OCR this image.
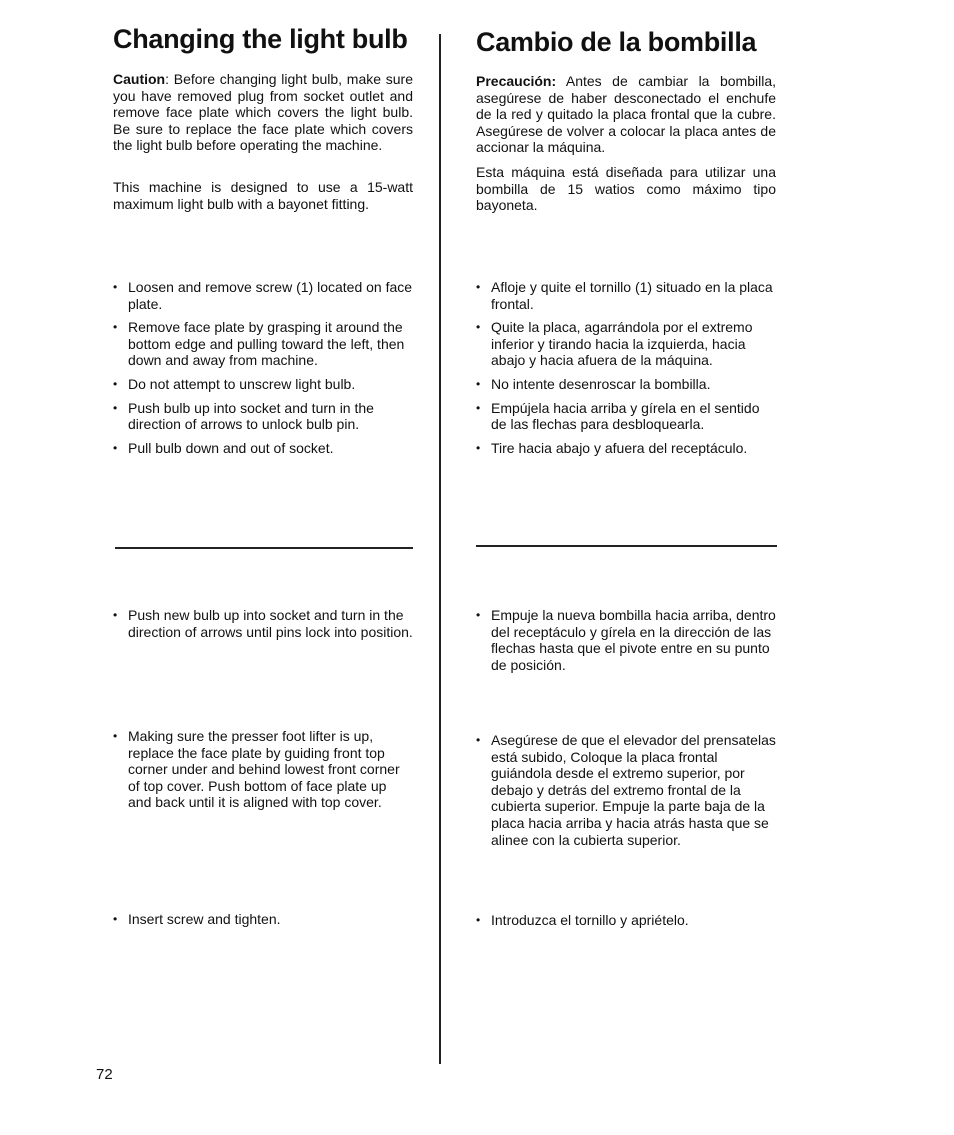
Changing the light bulb

Caution: Before changing light bulb, make sure you have removed plug from socket outlet and remove face plate which covers the light bulb. Be sure to replace the face plate which covers the light bulb before operating the machine.

This machine is designed to use a 15-watt maximum light bulb with a bayonet fitting.

• Loosen and remove screw (1) located on face plate.
• Remove face plate by grasping it around the bottom edge and pulling toward the left, then down and away from machine.
• Do not attempt to unscrew light bulb.
• Push bulb up into socket and turn in the direction of arrows to unlock bulb pin.
• Pull bulb down and out of socket.
• Push new bulb up into socket and turn in the direction of arrows until pins lock into position.
• Making sure the presser foot lifter is up, replace the face plate by guiding front top corner under and behind lowest front corner of top cover. Push bottom of face plate up and back until it is aligned with top cover.
• Insert screw and tighten.
Cambio de la bombilla

Precaución: Antes de cambiar la bombilla, asegúrese de haber desconectado el enchufe de la red y quitado la placa frontal que la cubre. Asegúrese de volver a colocar la placa antes de accionar la máquina.

Esta máquina está diseñada para utilizar una bombilla de 15 watios como máximo tipo bayoneta.

• Afloje y quite el tornillo (1) situado en la placa frontal.
• Quite la placa, agarrándola por el extremo inferior y tirando hacia la izquierda, hacia abajo y hacia afuera de la máquina.
• No intente desenroscar la bombilla.
• Empújela hacia arriba y gírela en el sentido de las flechas para desbloquearla.
• Tire hacia abajo y afuera del receptáculo.
• Empuje la nueva bombilla hacia arriba, dentro del receptáculo y gírela en la dirección de las flechas hasta que el pivote entre en su punto de posición.
• Asegúrese de que el elevador del prensatelas está subido, Coloque la placa frontal guiándola desde el extremo superior, por debajo y detrás del extremo frontal de la cubierta superior. Empuje la parte baja de la placa hacia arriba y hacia atrás hasta que se alinee con la cubierta superior.
• Introduzca el tornillo y apriételo.
72
